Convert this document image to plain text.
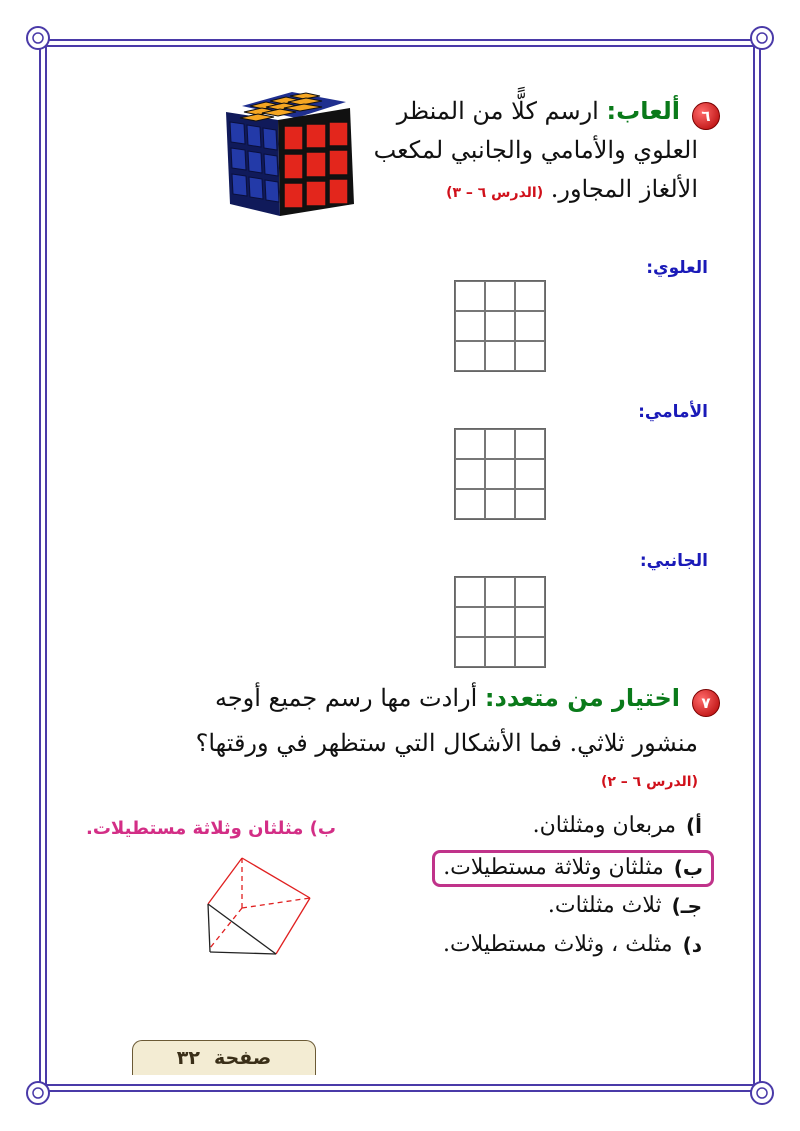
٦
ألعاب: ارسم كلًّا من المنظر
العلوي والأمامي والجانبي لمكعب
الألغاز المجاور. (الدرس ٦ – ٣)
العلوي:
الأمامي:
الجانبي:
٧
اختيار من متعدد: أرادت مها رسم جميع أوجه
منشور ثلاثي. فما الأشكال التي ستظهر في ورقتها؟
(الدرس ٦ – ٢)
أ)
مربعان ومثلثان.
ب)
مثلثان وثلاثة مستطيلات.
جـ)
ثلاث مثلثات.
د)
مثلث ، وثلاث مستطيلات.
ب) مثلثان وثلاثة مستطيلات.
صفحة
٣٢
